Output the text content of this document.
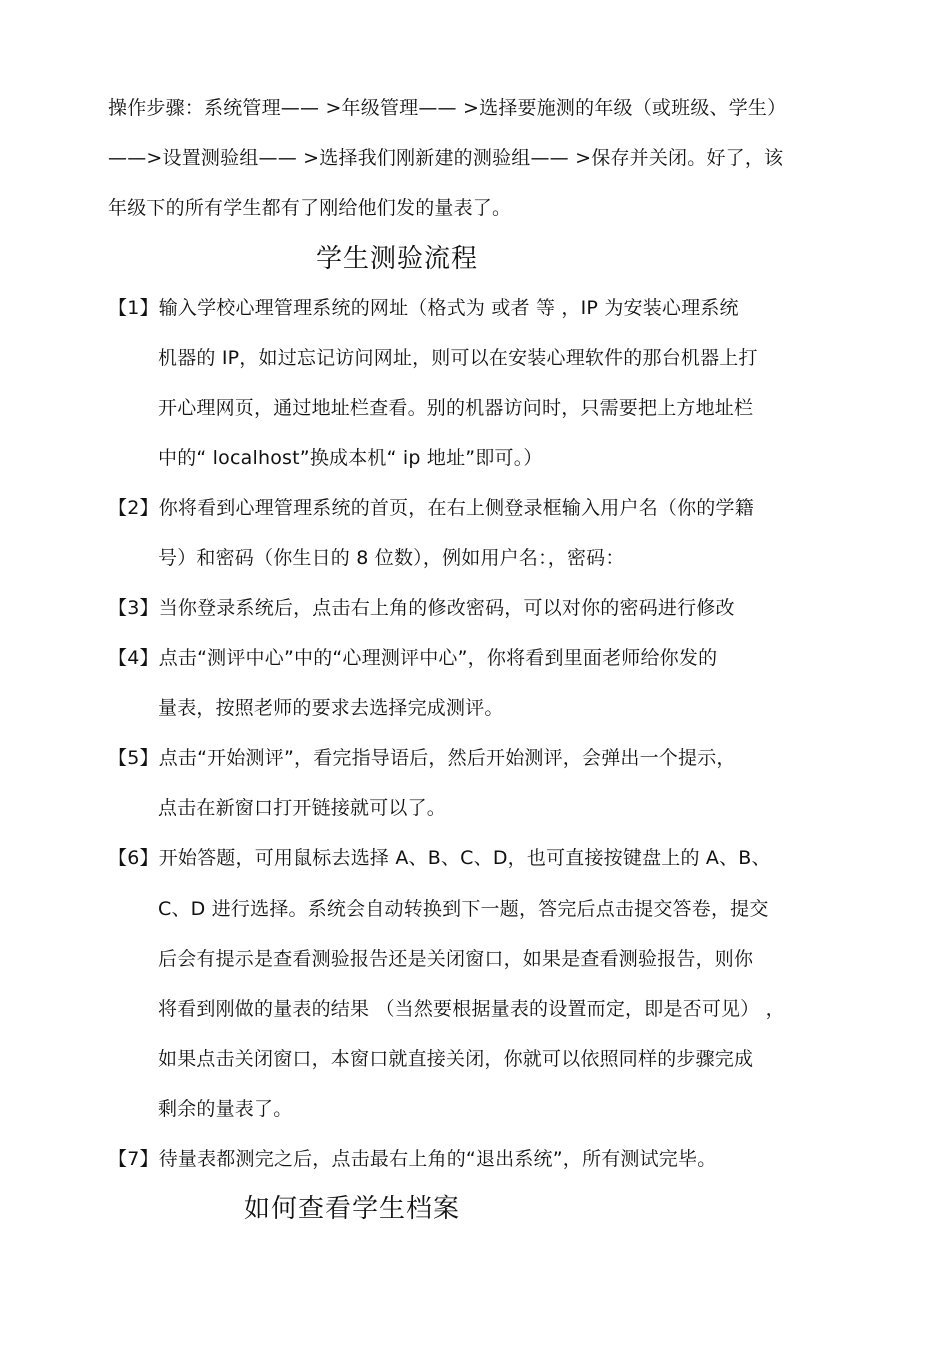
操作步骤：系统管理—— >年级管理—— >选择要施测的年级（或班级、学生）
——>设置测验组—— >选择我们刚新建的测验组—— >保存并关闭。好了，该
年级下的所有学生都有了刚给他们发的量表了。
学生测验流程
【1】输入学校心理管理系统的网址（格式为 或者 等 ，IP 为安装心理系统
机器的 IP，如过忘记访问网址，则可以在安装心理软件的那台机器上打
开心理网页，通过地址栏查看。别的机器访问时，只需要把上方地址栏
中的“ localhost”换成本机“ ip 地址”即可。）
【2】你将看到心理管理系统的首页，在右上侧登录框输入用户名（你的学籍
号）和密码（你生日的 8 位数），例如用户名：，密码：
【3】当你登录系统后，点击右上角的修改密码，可以对你的密码进行修改
【4】点击“测评中心”中的“心理测评中心”，你将看到里面老师给你发的
量表，按照老师的要求去选择完成测评。
【5】点击“开始测评”，看完指导语后，然后开始测评，会弹出一个提示，
点击在新窗口打开链接就可以了。
【6】开始答题，可用鼠标去选择 A、B、C、D，也可直接按键盘上的 A、B、
C、D 进行选择。系统会自动转换到下一题，答完后点击提交答卷，提交
后会有提示是查看测验报告还是关闭窗口，如果是查看测验报告，则你
将看到刚做的量表的结果 （当然要根据量表的设置而定，即是否可见） ，
如果点击关闭窗口，本窗口就直接关闭，你就可以依照同样的步骤完成
剩余的量表了。
【7】待量表都测完之后，点击最右上角的“退出系统”，所有测试完毕。
如何查看学生档案
